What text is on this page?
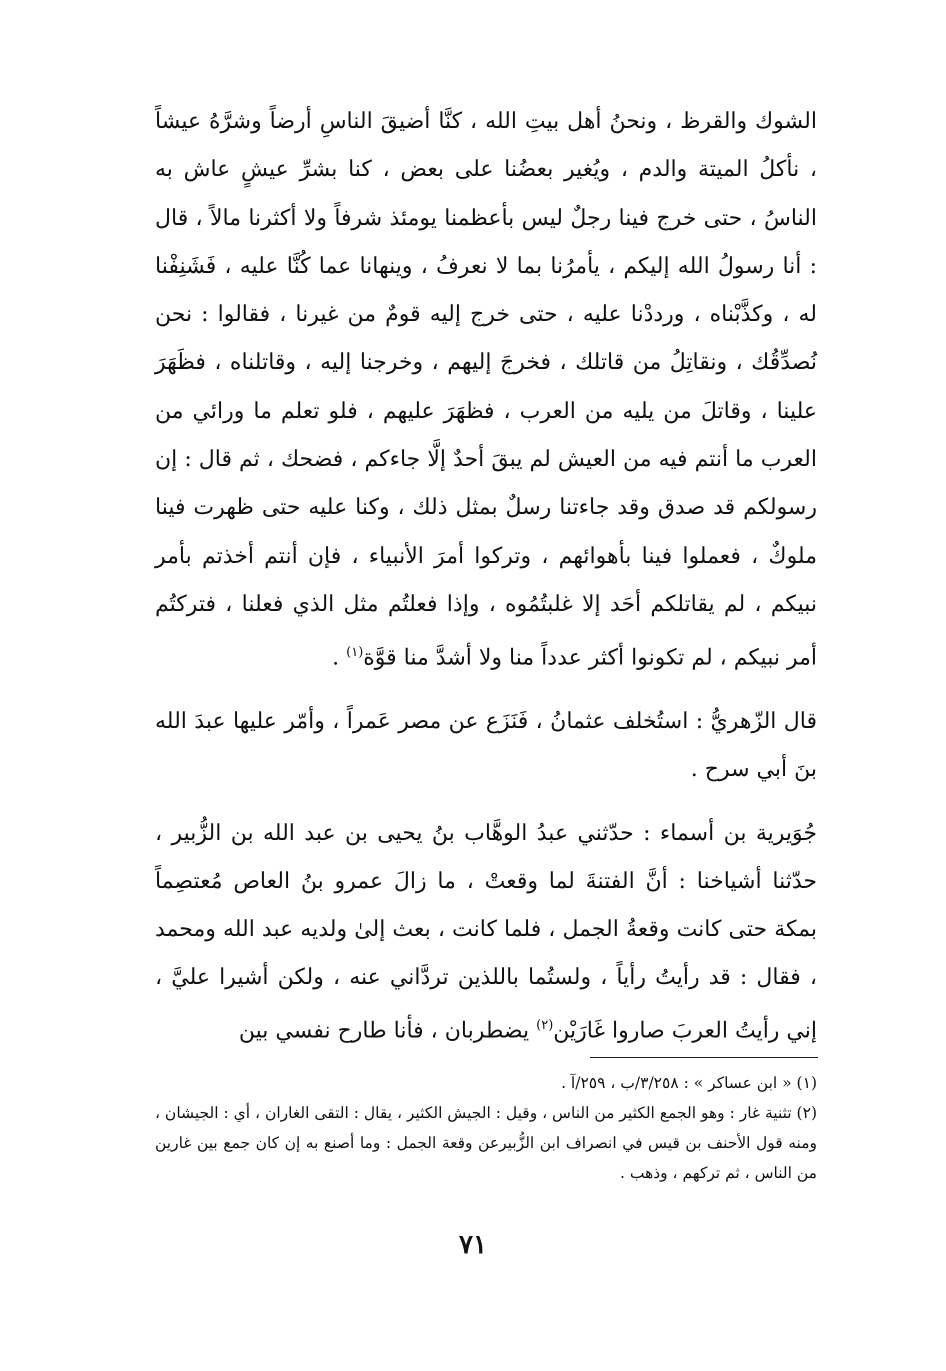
الشوك والقرظ ، ونحنُ أهل بيتِ الله ، كنَّا أضيقَ الناسِ أرضاً وشرَّهُ عيشاً ، نأكلُ الميتة والدم ، ويُغير بعضُنا على بعض ، كنا بشرِّ عيشٍ عاش به الناسُ ، حتى خرج فينا رجلٌ ليس بأعظمنا يومئذ شرفاً ولا أكثرنا مالاً ، قال : أنا رسولُ الله إليكم ، يأمرُنا بما لا نعرفُ ، وينهانا عما كُنَّا عليه ، فَشَنِفْنا له ، وكذَّبْناه ، ورددْنا عليه ، حتى خرج إليه قومٌ من غيرنا ، فقالوا : نحن نُصدِّقُك ، ونقاتِلُ من قاتلك ، فخرجَ إليهم ، وخرجنا إليه ، وقاتلناه ، فظَهَرَ علينا ، وقاتلَ من يليه من العرب ، فظهَرَ عليهم ، فلو تعلم ما ورائي من العرب ما أنتم فيه من العيش لم يبقَ أحدٌ إلَّا جاءكم ، فضحك ، ثم قال : إن رسولكم قد صدق وقد جاءتنا رسلٌ بمثل ذلك ، وكنا عليه حتى ظهرت فينا ملوكٌ ، فعملوا فينا بأهوائهم ، وتركوا أمرَ الأنبياء ، فإن أنتم أخذتم بأمر نبيكم ، لم يقاتلكم أحَد إلا غلبتُمُوه ، وإذا فعلتُم مثل الذي فعلنا ، فتركتُم أمر نبيكم ، لم تكونوا أكثر عدداً منا ولا أشدَّ منا قوَّة$^{(١)}$ .

قال الزّهريُّ : استُخلف عثمانُ ، فَنَزَع عن مصر عَمراً ، وأمّر عليها عبدَ الله بنَ أبي سرح .

جُوَيرية بن أسماء : حدّثني عبدُ الوهَّاب بنُ يحيى بن عبد الله بن الزُّبير ، حدّثنا أشياخنا : أنَّ الفتنةَ لما وقعتْ ، ما زالَ عمرو بنُ العاص مُعتصِماً بمكة حتى كانت وقعةُ الجمل ، فلما كانت ، بعث إلىٰ ولديه عبد الله ومحمد ، فقال : قد رأيتُ رأياً ، ولستُما باللذين تردَّاني عنه ، ولكن أشيرا عليَّ ، إني رأيتُ العربَ صاروا غَارَيْن$^{(٢)}$ يضطربان ، فأنا طارح نفسي بين

(١) « ابن عساكر » : ٣/٢٥٨/ب ، ٢٥٩/آ .

(٢) تثنية غار : وهو الجمع الكثير من الناس ، وقيل : الجيش الكثير ، يقال : التقى الغاران ، أي : الجيشان ، ومنه قول الأحنف بن قيس في انصراف ابن الزُّبيرعن وقعة الجمل : وما أصنع به إن كان جمع بين غارين من الناس ، ثم تركهم ، وذهب .

٧١
